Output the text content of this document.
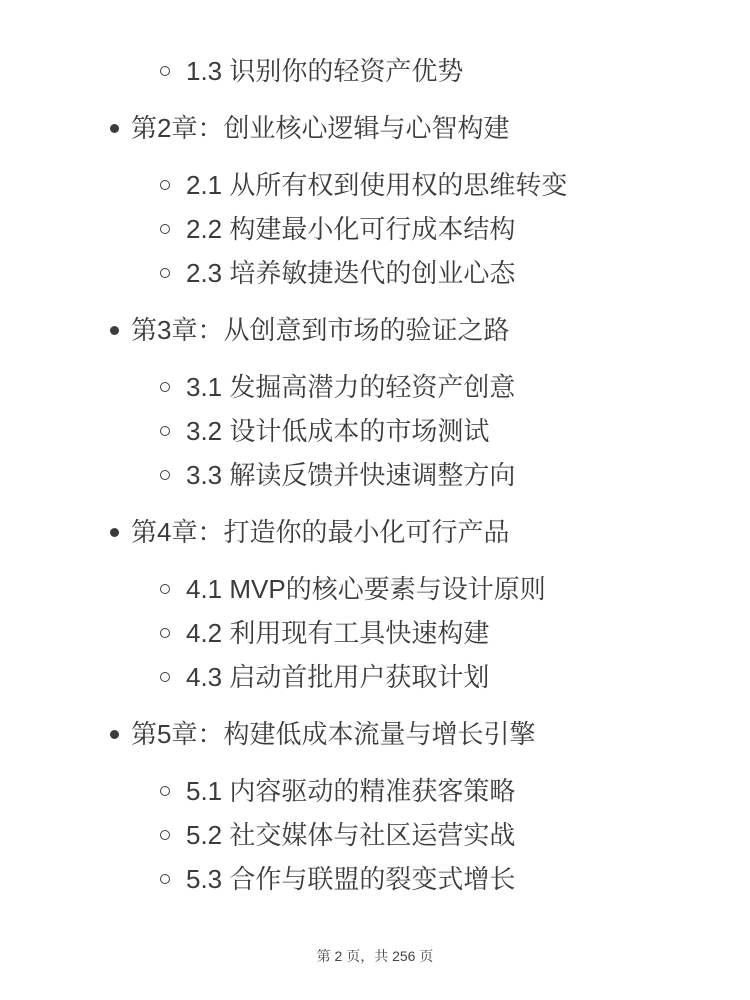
1.3 识别你的轻资产优势
第2章：创业核心逻辑与心智构建
2.1 从所有权到使用权的思维转变
2.2 构建最小化可行成本结构
2.3 培养敏捷迭代的创业心态
第3章：从创意到市场的验证之路
3.1 发掘高潜力的轻资产创意
3.2 设计低成本的市场测试
3.3 解读反馈并快速调整方向
第4章：打造你的最小化可行产品
4.1 MVP的核心要素与设计原则
4.2 利用现有工具快速构建
4.3 启动首批用户获取计划
第5章：构建低成本流量与增长引擎
5.1 内容驱动的精准获客策略
5.2 社交媒体与社区运营实战
5.3 合作与联盟的裂变式增长
第 2 页，共 256 页
